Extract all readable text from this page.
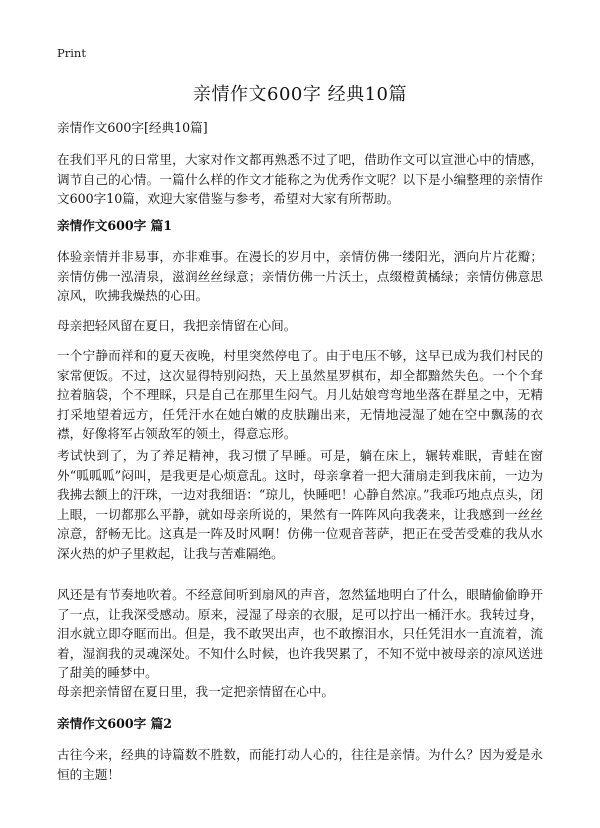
Print
亲情作文600字 经典10篇
亲情作文600字[经典10篇]
在我们平凡的日常里，大家对作文都再熟悉不过了吧，借助作文可以宣泄心中的情感，调节自己的心情。一篇什么样的作文才能称之为优秀作文呢？以下是小编整理的亲情作文600字10篇，欢迎大家借鉴与参考，希望对大家有所帮助。
亲情作文600字 篇1
体验亲情并非易事，亦非难事。在漫长的岁月中，亲情仿佛一缕阳光，洒向片片花瓣；亲情仿佛一泓清泉，滋润丝丝绿意；亲情仿佛一片沃土，点缀橙黄橘绿；亲情仿佛意思凉风，吹拂我燥热的心田。
母亲把轻风留在夏日，我把亲情留在心间。
一个宁静而祥和的夏天夜晚，村里突然停电了。由于电压不够，这早已成为我们村民的家常便饭。不过，这次显得特别闷热，天上虽然星罗棋布，却全都黯然失色。一个个耷拉着脑袋，个不理睬，只是自己在那里生闷气。月儿姑娘弯弯地坐落在群星之中，无精打采地望着远方，任凭汗水在她白嫩的皮肤蹦出来，无情地浸湿了她在空中飘荡的衣襟，好像将军占领敌军的领土，得意忘形。
考试快到了，为了养足精神，我习惯了早睡。可是，躺在床上，辗转难眠，青蛙在窗外“呱呱呱”闷叫，是我更是心烦意乱。这时，母亲拿着一把大蒲扇走到我床前，一边为我拂去额上的汗珠，一边对我细语：“琼儿，快睡吧！心静自然凉。”我乖巧地点点头，闭上眼，一切都那么平静，就如母亲所说的，果然有一阵阵风向我袭来，让我感到一丝丝凉意，舒畅无比。这真是一阵及时风啊！仿佛一位观音菩萨，把正在受苦受难的我从水深火热的炉子里救起，让我与苦难隔绝。
风还是有节奏地吹着。不经意间听到扇风的声音，忽然猛地明白了什么，眼睛偷偷睁开了一点，让我深受感动。原来，浸湿了母亲的衣服，足可以拧出一桶汗水。我转过身，泪水就立即夺眶而出。但是，我不敢哭出声，也不敢擦泪水，只任凭泪水一直流着，流着，湿润我的灵魂深处。不知什么时候，也许我哭累了，不知不觉中被母亲的凉风送进了甜美的睡梦中。
母亲把亲情留在夏日里，我一定把亲情留在心中。
亲情作文600字 篇2
古往今来，经典的诗篇数不胜数，而能打动人心的，往往是亲情。为什么？因为爱是永恒的主题！
